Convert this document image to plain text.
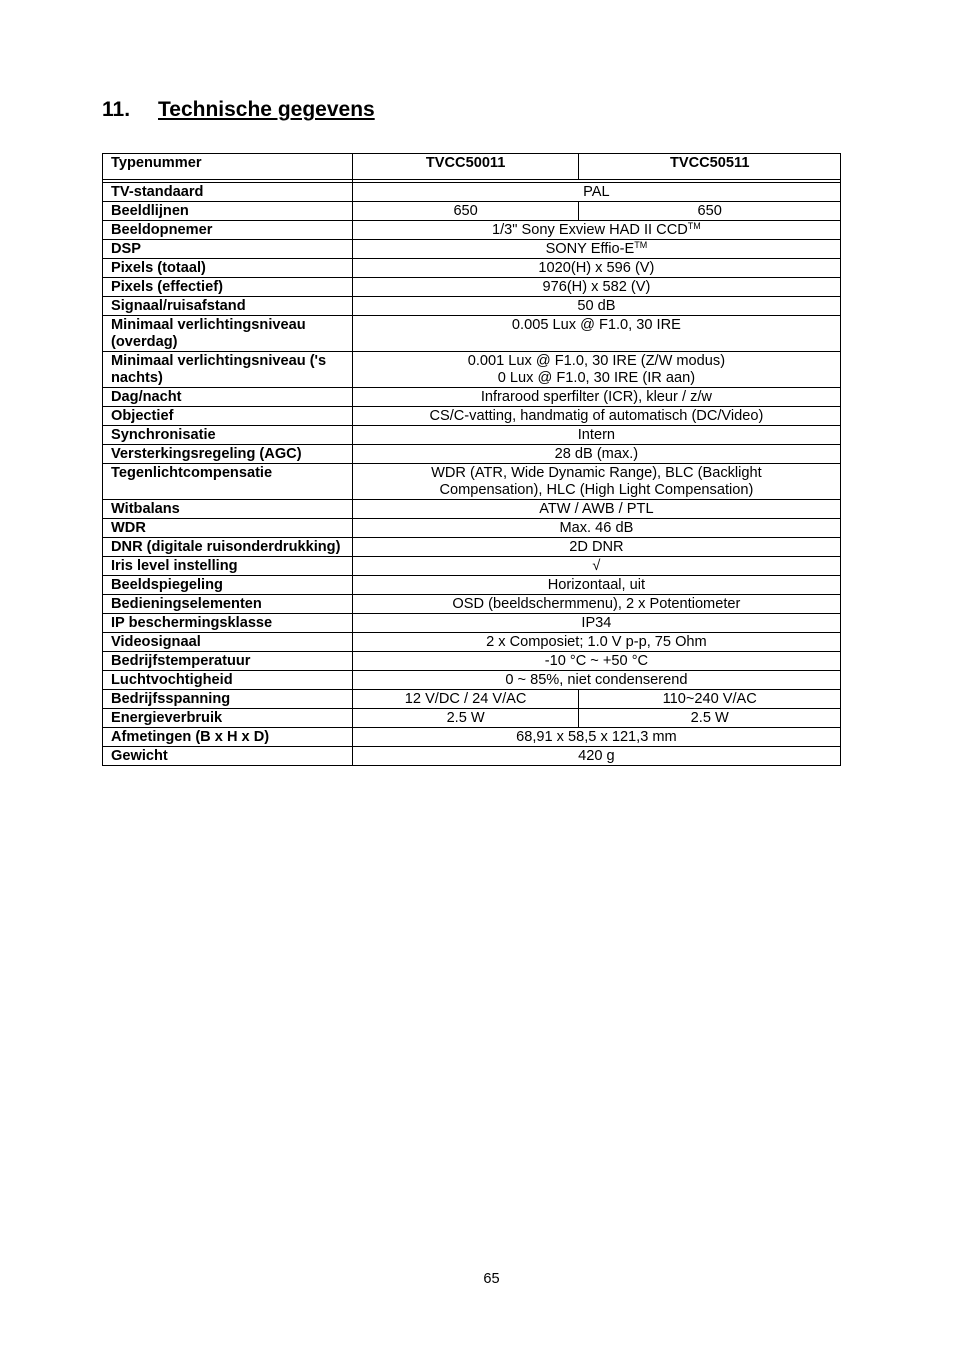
11. Technische gegevens
Typenummer	TVCC50011	TVCC50511

TV-standaard	PAL	
Beeldlijnen	650	650
Beeldopnemer	1/3" Sony Exview HAD II CCD™
DSP	SONY Effio-E™
Pixels (totaal)	1020(H) x 596 (V)	
Pixels (effectief)	976(H) x 582 (V)	
Signaal/ruisafstand	50 dB	
Minimaal verlichtingsniveau (overdag)	0.005 Lux @ F1.0, 30 IRE	
Minimaal verlichtingsniveau ('s nachts)	0.001 Lux @ F1.0, 30 IRE (Z/W modus)
0 Lux @ F1.0, 30 IRE (IR aan)	
Dag/nacht	Infrarood sperfilter (ICR), kleur / z/w	
Objectief	CS/C-vatting, handmatig of automatisch (DC/Video)	
Synchronisatie	Intern	
Versterkingsregeling (AGC)	28 dB (max.)	
Tegenlichtcompensatie	WDR (ATR, Wide Dynamic Range), BLC (Backlight
Compensation), HLC (High Light Compensation)	
Witbalans	ATW / AWB / PTL	
WDR	Max. 46 dB	
DNR (digitale ruisonderdrukking)	2D DNR	
Iris level instelling	√	
Beeldspiegeling	Horizontaal, uit	
Bedieningselementen	OSD (beeldschermmenu), 2 x Potentiometer	
IP beschermingsklasse	IP34	
Videosignaal	2 x Composiet; 1.0 V p-p, 75 Ohm	
Bedrijfstemperatuur	-10 °C ~ +50 °C	
Luchtvochtigheid	0 ~ 85%, niet condenserend	
Bedrijfsspanning	12 V/DC / 24 V/AC	110~240 V/AC
Energieverbruik	2.5 W	2.5 W
Afmetingen (B x H x D)	68,91 x 58,5 x 121,3 mm	
Gewicht	420 g	
65
